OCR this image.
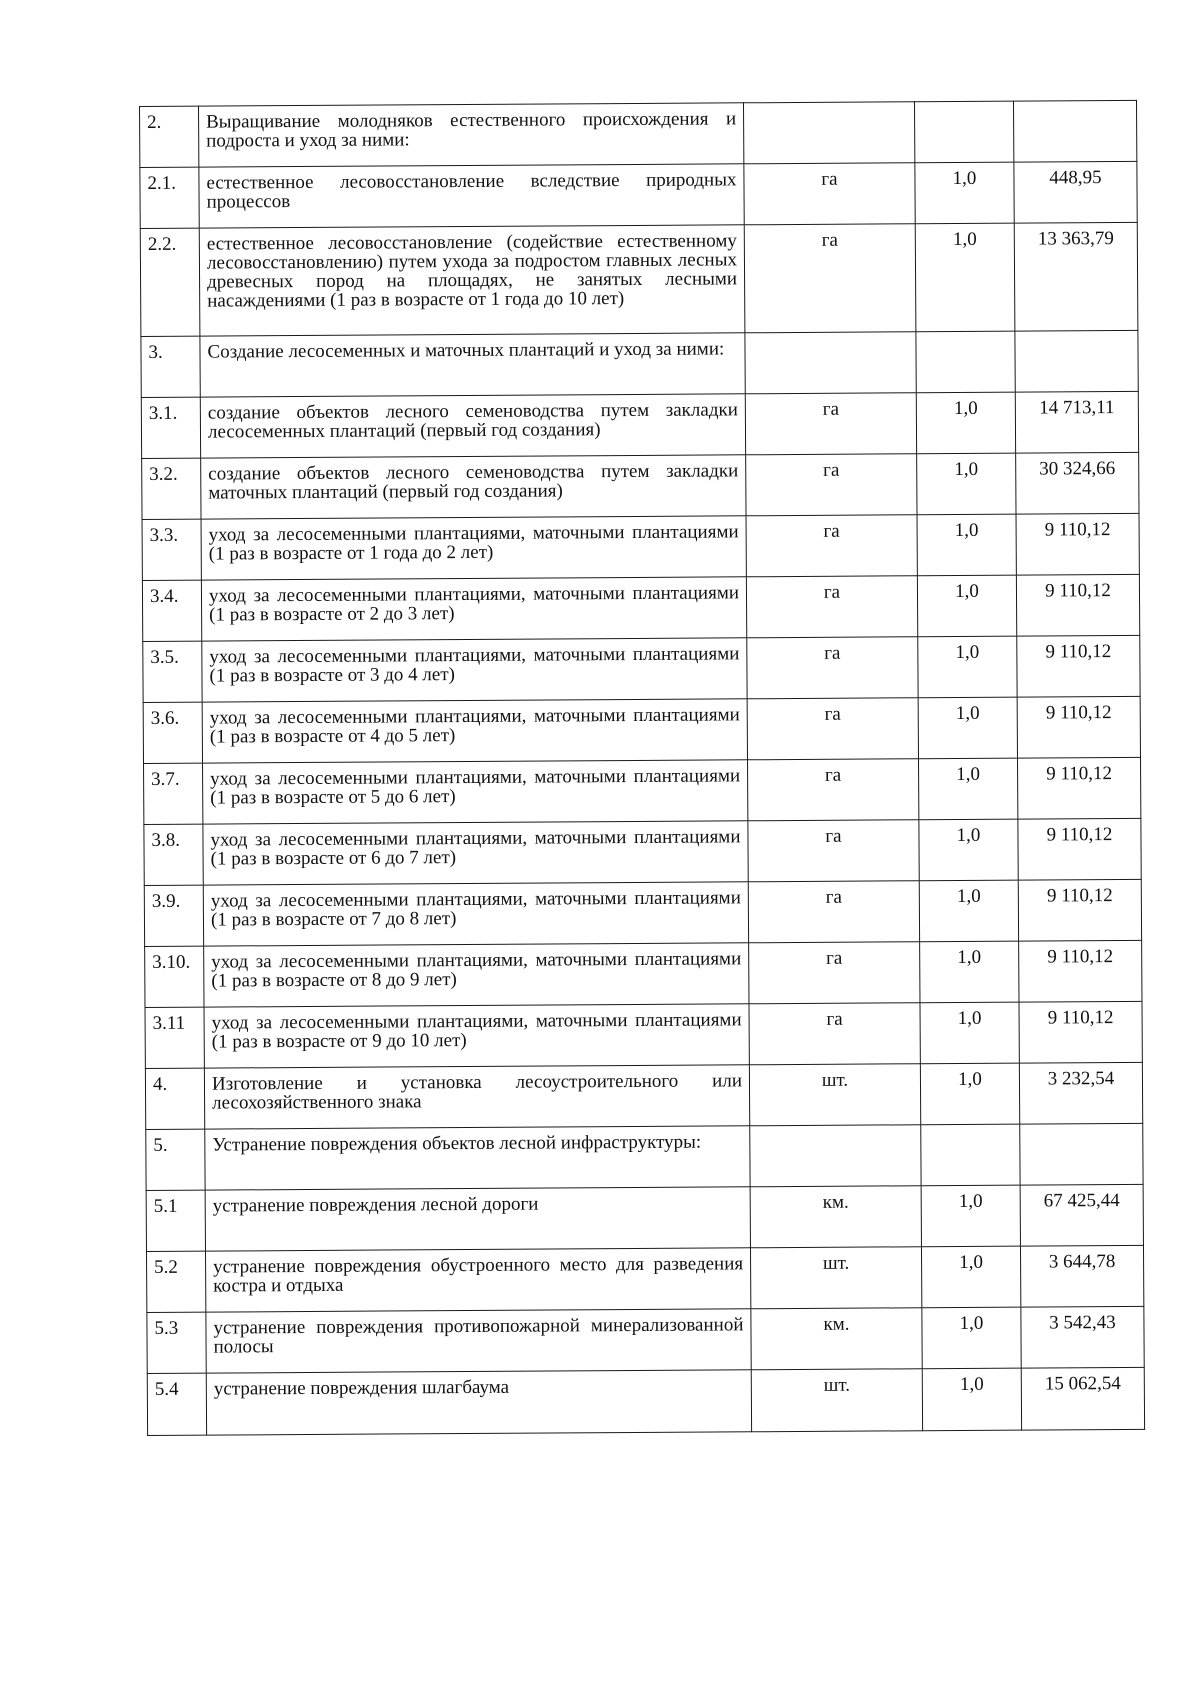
2.	Выращивание молодняков естественного происхождения и подроста и уход за ними:			
2.1.	естественное лесовосстановление вследствие природных процессов	га	1,0	448,95
2.2.	естественное лесовосстановление (содействие естественному лесовосстановлению) путем ухода за подростом главных лесных древесных пород на площадях, не занятых лесными насаждениями (1 раз в возрасте от 1 года до 10 лет)	га	1,0	13 363,79
3.	Создание лесосеменных и маточных плантаций и уход за ними:			
3.1.	создание объектов лесного семеноводства путем закладки лесосеменных плантаций (первый год создания)	га	1,0	14 713,11
3.2.	создание объектов лесного семеноводства путем закладки маточных плантаций (первый год создания)	га	1,0	30 324,66
3.3.	уход за лесосеменными плантациями, маточными плантациями (1 раз в возрасте от 1 года до 2 лет)	га	1,0	9 110,12
3.4.	уход за лесосеменными плантациями, маточными плантациями (1 раз в возрасте от 2 до 3 лет)	га	1,0	9 110,12
3.5.	уход за лесосеменными плантациями, маточными плантациями (1 раз в возрасте от 3 до 4 лет)	га	1,0	9 110,12
3.6.	уход за лесосеменными плантациями, маточными плантациями (1 раз в возрасте от 4 до 5 лет)	га	1,0	9 110,12
3.7.	уход за лесосеменными плантациями, маточными плантациями (1 раз в возрасте от 5 до 6 лет)	га	1,0	9 110,12
3.8.	уход за лесосеменными плантациями, маточными плантациями (1 раз в возрасте от 6 до 7 лет)	га	1,0	9 110,12
3.9.	уход за лесосеменными плантациями, маточными плантациями (1 раз в возрасте от 7 до 8 лет)	га	1,0	9 110,12
3.10.	уход за лесосеменными плантациями, маточными плантациями (1 раз в возрасте от 8 до 9 лет)	га	1,0	9 110,12
3.11	уход за лесосеменными плантациями, маточными плантациями (1 раз в возрасте от 9 до 10 лет)	га	1,0	9 110,12
4.	Изготовление и установка лесоустроительного или лесохозяйственного знака	шт.	1,0	3 232,54
5.	Устранение повреждения объектов лесной инфраструктуры:			
5.1	устранение повреждения лесной дороги	км.	1,0	67 425,44
5.2	устранение повреждения обустроенного место для разведения костра и отдыха	шт.	1,0	3 644,78
5.3	устранение повреждения противопожарной минерализованной полосы	км.	1,0	3 542,43
5.4	устранение повреждения шлагбаума	шт.	1,0	15 062,54
